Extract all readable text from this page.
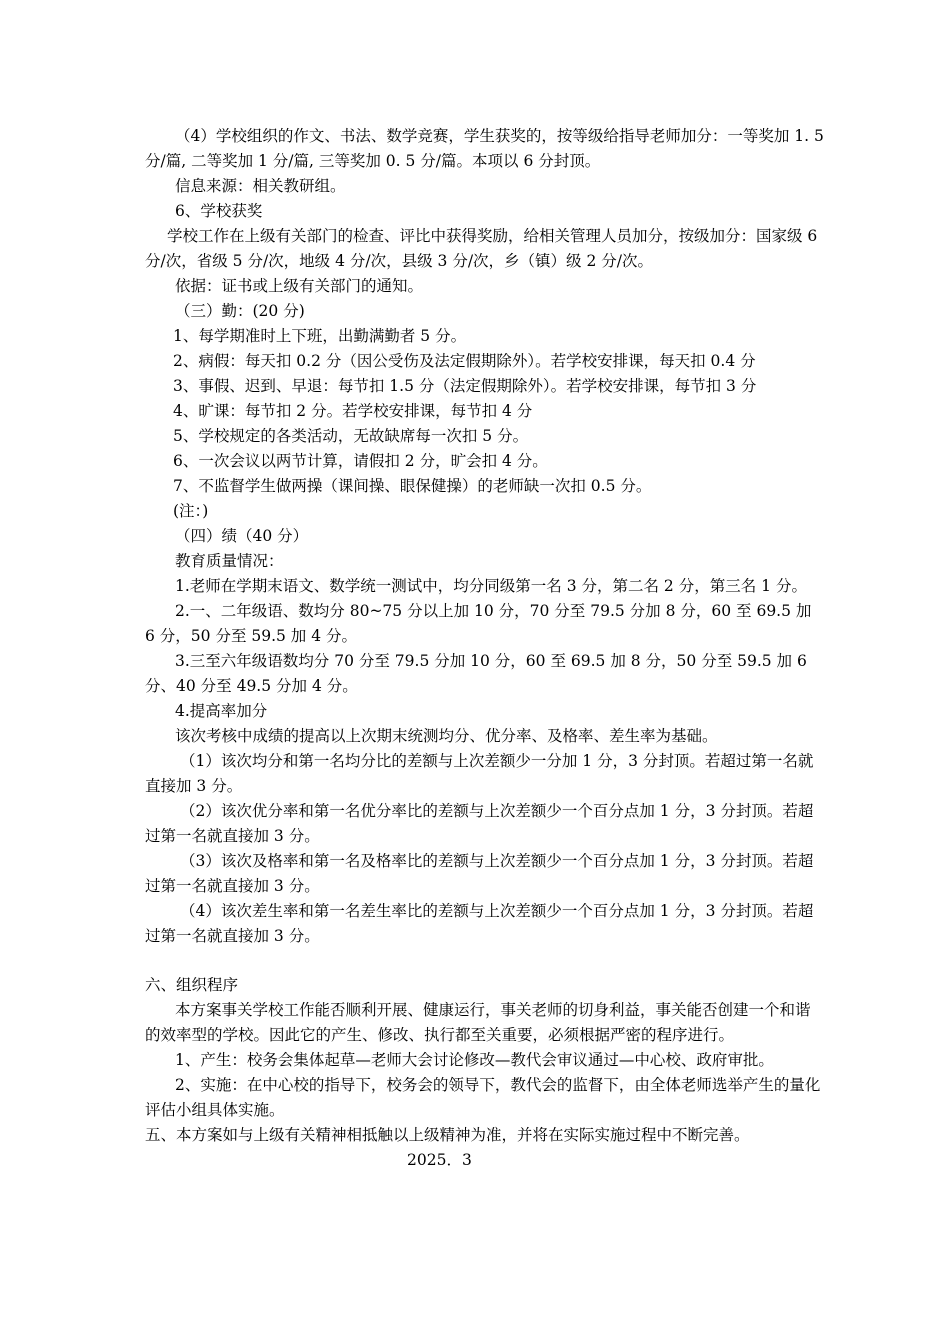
（4）学校组织的作文、书法、数学竞赛，学生获奖的，按等级给指导老师加分：一等奖加 1. 5 分/篇, 二等奖加 1 分/篇, 三等奖加 0. 5 分/篇。本项以 6 分封顶。

信息来源：相关教研组。

6、学校获奖

学校工作在上级有关部门的检查、评比中获得奖励，给相关管理人员加分，按级加分：国家级 6 分/次，省级 5 分/次，地级 4 分/次，县级 3 分/次，乡（镇）级 2 分/次。

依据：证书或上级有关部门的通知。

（三）勤：(20 分)

1、每学期准时上下班，出勤满勤者 5 分。

2、病假：每天扣 0.2 分（因公受伤及法定假期除外）。若学校安排课，每天扣 0.4 分

3、事假、迟到、早退：每节扣 1.5 分（法定假期除外）。若学校安排课，每节扣 3 分

4、旷课：每节扣 2 分。若学校安排课，每节扣 4 分

5、学校规定的各类活动，无故缺席每一次扣 5 分。

6、一次会议以两节计算，请假扣 2 分，旷会扣 4 分。

7、不监督学生做两操（课间操、眼保健操）的老师缺一次扣 0.5 分。

(注：)

（四）绩（40 分）

教育质量情况：

1.老师在学期末语文、数学统一测试中，均分同级第一名 3 分，第二名 2 分，第三名 1 分。

2.一、二年级语、数均分 80~75 分以上加 10 分，70 分至 79.5 分加 8 分，60 至 69.5 加 6 分，50 分至 59.5 加 4 分。

3.三至六年级语数均分 70 分至 79.5 分加 10 分，60 至 69.5 加 8 分，50 分至 59.5 加 6 分、40 分至 49.5 分加 4 分。

4.提高率加分

该次考核中成绩的提高以上次期末统测均分、优分率、及格率、差生率为基础。

（1）该次均分和第一名均分比的差额与上次差额少一分加 1 分，3 分封顶。若超过第一名就直接加 3 分。

（2）该次优分率和第一名优分率比的差额与上次差额少一个百分点加 1 分，3 分封顶。若超过第一名就直接加 3 分。

（3）该次及格率和第一名及格率比的差额与上次差额少一个百分点加 1 分，3 分封顶。若超过第一名就直接加 3 分。

（4）该次差生率和第一名差生率比的差额与上次差额少一个百分点加 1 分，3 分封顶。若超过第一名就直接加 3 分。

六、组织程序

本方案事关学校工作能否顺利开展、健康运行，事关老师的切身利益，事关能否创建一个和谐的效率型的学校。因此它的产生、修改、执行都至关重要，必须根据严密的程序进行。

1、产生：校务会集体起草—老师大会讨论修改—教代会审议通过—中心校、政府审批。

2、实施：在中心校的指导下，校务会的领导下，教代会的监督下，由全体老师选举产生的量化评估小组具体实施。

五、本方案如与上级有关精神相抵触以上级精神为准，并将在实际实施过程中不断完善。

2025．3
